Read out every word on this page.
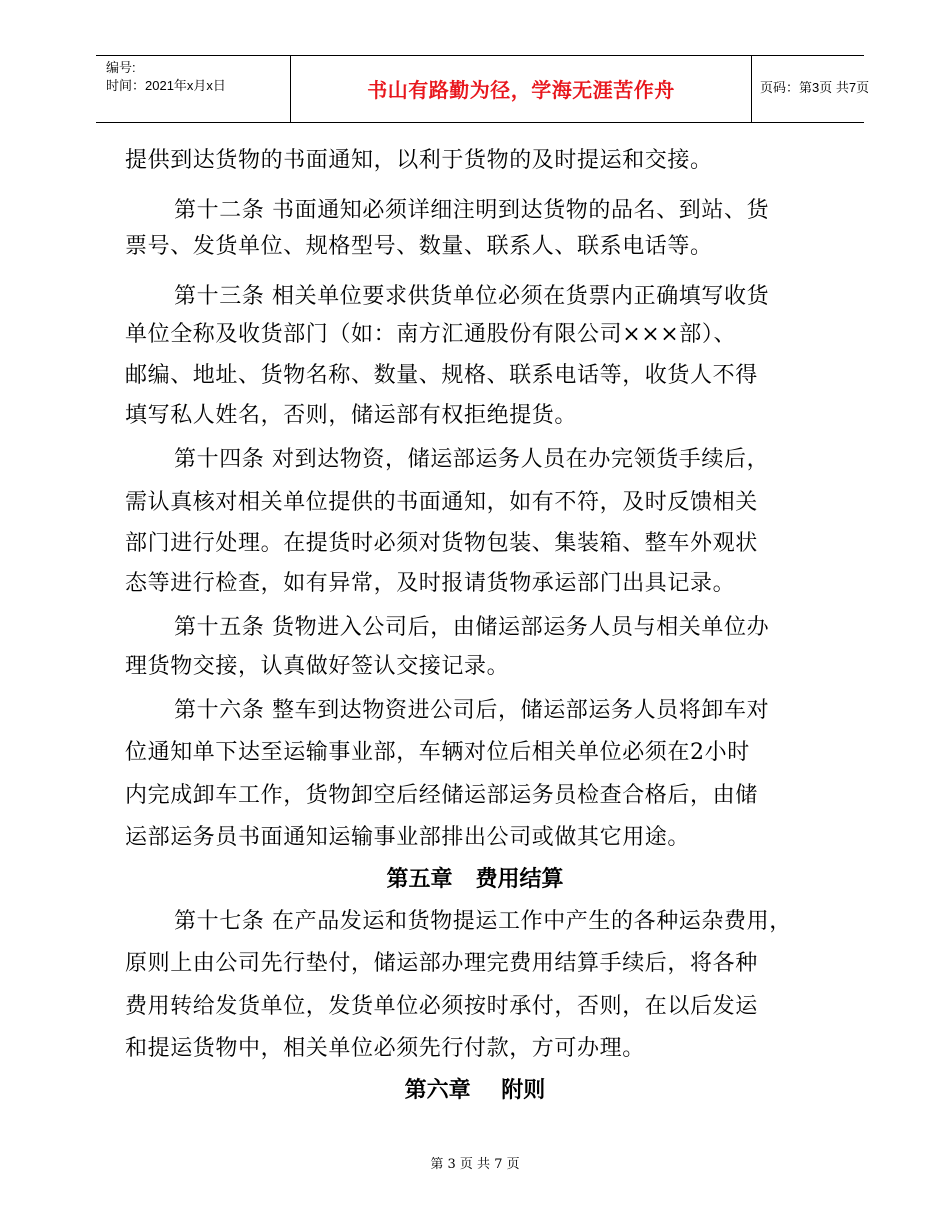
编号:
时间：2021年x月x日	书山有路勤为径，学海无涯苦作舟	页码：第3页 共7页
提供到达货物的书面通知，以利于货物的及时提运和交接。
第十二条 书面通知必须详细注明到达货物的品名、到站、货
票号、发货单位、规格型号、数量、联系人、联系电话等。
第十三条 相关单位要求供货单位必须在货票内正确填写收货
单位全称及收货部门（如：南方汇通股份有限公司×××部）、
邮编、地址、货物名称、数量、规格、联系电话等，收货人不得
填写私人姓名，否则，储运部有权拒绝提货。
第十四条 对到达物资，储运部运务人员在办完领货手续后，
需认真核对相关单位提供的书面通知，如有不符，及时反馈相关
部门进行处理。在提货时必须对货物包装、集装箱、整车外观状
态等进行检查，如有异常，及时报请货物承运部门出具记录。
第十五条 货物进入公司后，由储运部运务人员与相关单位办
理货物交接，认真做好签认交接记录。
第十六条 整车到达物资进公司后，储运部运务人员将卸车对
位通知单下达至运输事业部，车辆对位后相关单位必须在2小时
内完成卸车工作，货物卸空后经储运部运务员检查合格后，由储
运部运务员书面通知运输事业部排出公司或做其它用途。
第五章   费用结算
第十七条 在产品发运和货物提运工作中产生的各种运杂费用，
原则上由公司先行垫付，储运部办理完费用结算手续后，将各种
费用转给发货单位，发货单位必须按时承付，否则，在以后发运
和提运货物中，相关单位必须先行付款，方可办理。
第六章    附则
第 3 页 共 7 页
